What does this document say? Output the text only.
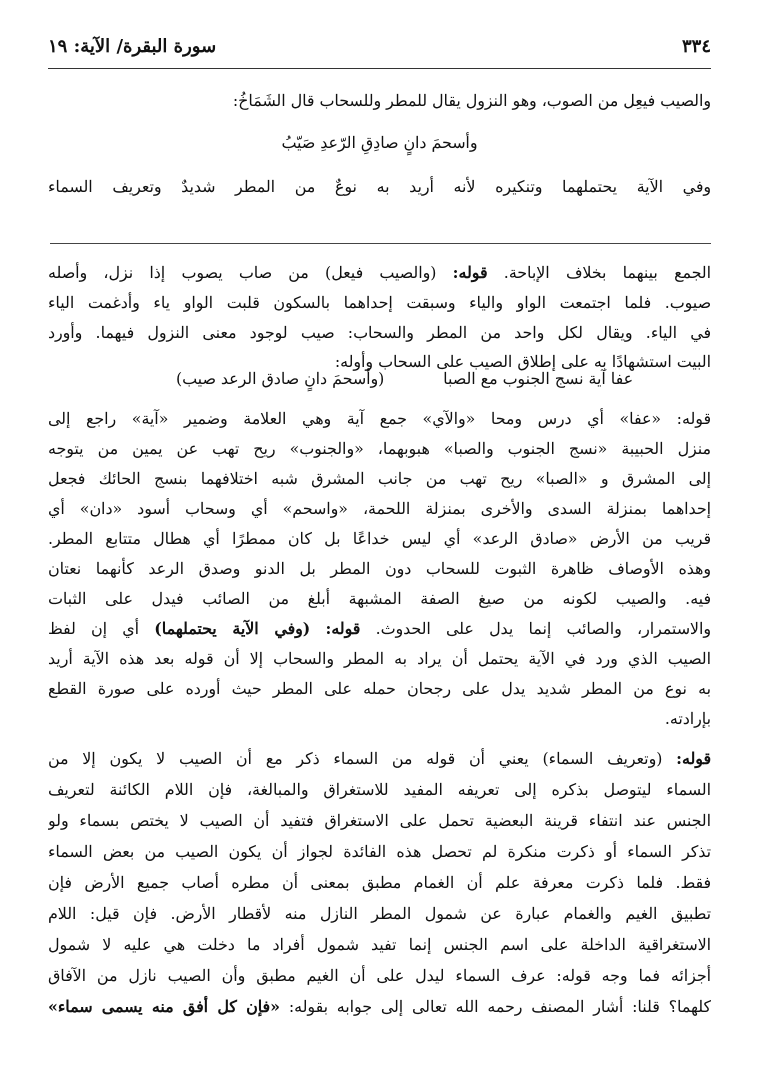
٣٣٤
سورة البقرة/ الآية: ١٩
والصيب فيعِل من الصوب، وهو النزول يقال للمطر وللسحاب قال الشَمَاخُ:
وأسحمَ دانٍ صادِقِ الرّعدِ صَيّبُ
وفي الآية يحتملهما وتنكيره لأنه أريد به نوعٌ من المطر شديدٌ وتعريف السماء
الجمع بينهما بخلاف الإباحة. قوله: (والصيب فيعل) من صاب يصوب إذا نزل، وأصله
صيوب. فلما اجتمعت الواو والياء وسبقت إحداهما بالسكون قلبت الواو ياء وأدغمت الياء
في الياء. ويقال لكل واحد من المطر والسحاب: صيب لوجود معنى النزول فيهما. وأورد
البيت استشهادًا به على إطلاق الصيب على السحاب وأوله:
عفا آية نسج الجنوب مع الصبا
(وأسحمَ دانٍ صادق الرعد صيب)
قوله: «عفا» أي درس ومحا «والآي» جمع آية وهي العلامة وضمير «آية» راجع إلى
منزل الحبيبة «نسج الجنوب والصبا» هبوبهما، «والجنوب» ريح تهب عن يمين من يتوجه
إلى المشرق و «الصبا» ريح تهب من جانب المشرق شبه اختلافهما بنسج الحائك فجعل
إحداهما بمنزلة السدى والأخرى بمنزلة اللحمة، «واسحم» أي وسحاب أسود «دان» أي
قريب من الأرض «صادق الرعد» أي ليس خداعًا بل كان ممطرًا أي هطال متتابع المطر.
وهذه الأوصاف ظاهرة الثبوت للسحاب دون المطر بل الدنو وصدق الرعد كأنهما نعتان
فيه. والصيب لكونه من صيغ الصفة المشبهة أبلغ من الصائب فيدل على الثبات
والاستمرار، والصائب إنما يدل على الحدوث. قوله: (وفي الآية يحتملهما) أي إن لفظ
الصيب الذي ورد في الآية يحتمل أن يراد به المطر والسحاب إلا أن قوله بعد هذه الآية أريد
به نوع من المطر شديد يدل على رجحان حمله على المطر حيث أورده على صورة القطع
بإرادته.
قوله: (وتعريف السماء) يعني أن قوله من السماء ذكر مع أن الصيب لا يكون إلا من
السماء ليتوصل بذكره إلى تعريفه المفيد للاستغراق والمبالغة، فإن اللام الكائنة لتعريف
الجنس عند انتفاء قرينة البعضية تحمل على الاستغراق فتفيد أن الصيب لا يختص بسماء ولو
تذكر السماء أو ذكرت منكرة لم تحصل هذه الفائدة لجواز أن يكون الصيب من بعض السماء
فقط. فلما ذكرت معرفة علم أن الغمام مطبق بمعنى أن مطره أصاب جميع الأرض فإن
تطبيق الغيم والغمام عبارة عن شمول المطر النازل منه لأقطار الأرض. فإن قيل: اللام
الاستغراقية الداخلة على اسم الجنس إنما تفيد شمول أفراد ما دخلت هي عليه لا شمول
أجزائه فما وجه قوله: عرف السماء ليدل على أن الغيم مطبق وأن الصيب نازل من الآفاق
كلهما؟ قلنا: أشار المصنف رحمه الله تعالى إلى جوابه بقوله: «فإن كل أفق منه يسمى سماء»
